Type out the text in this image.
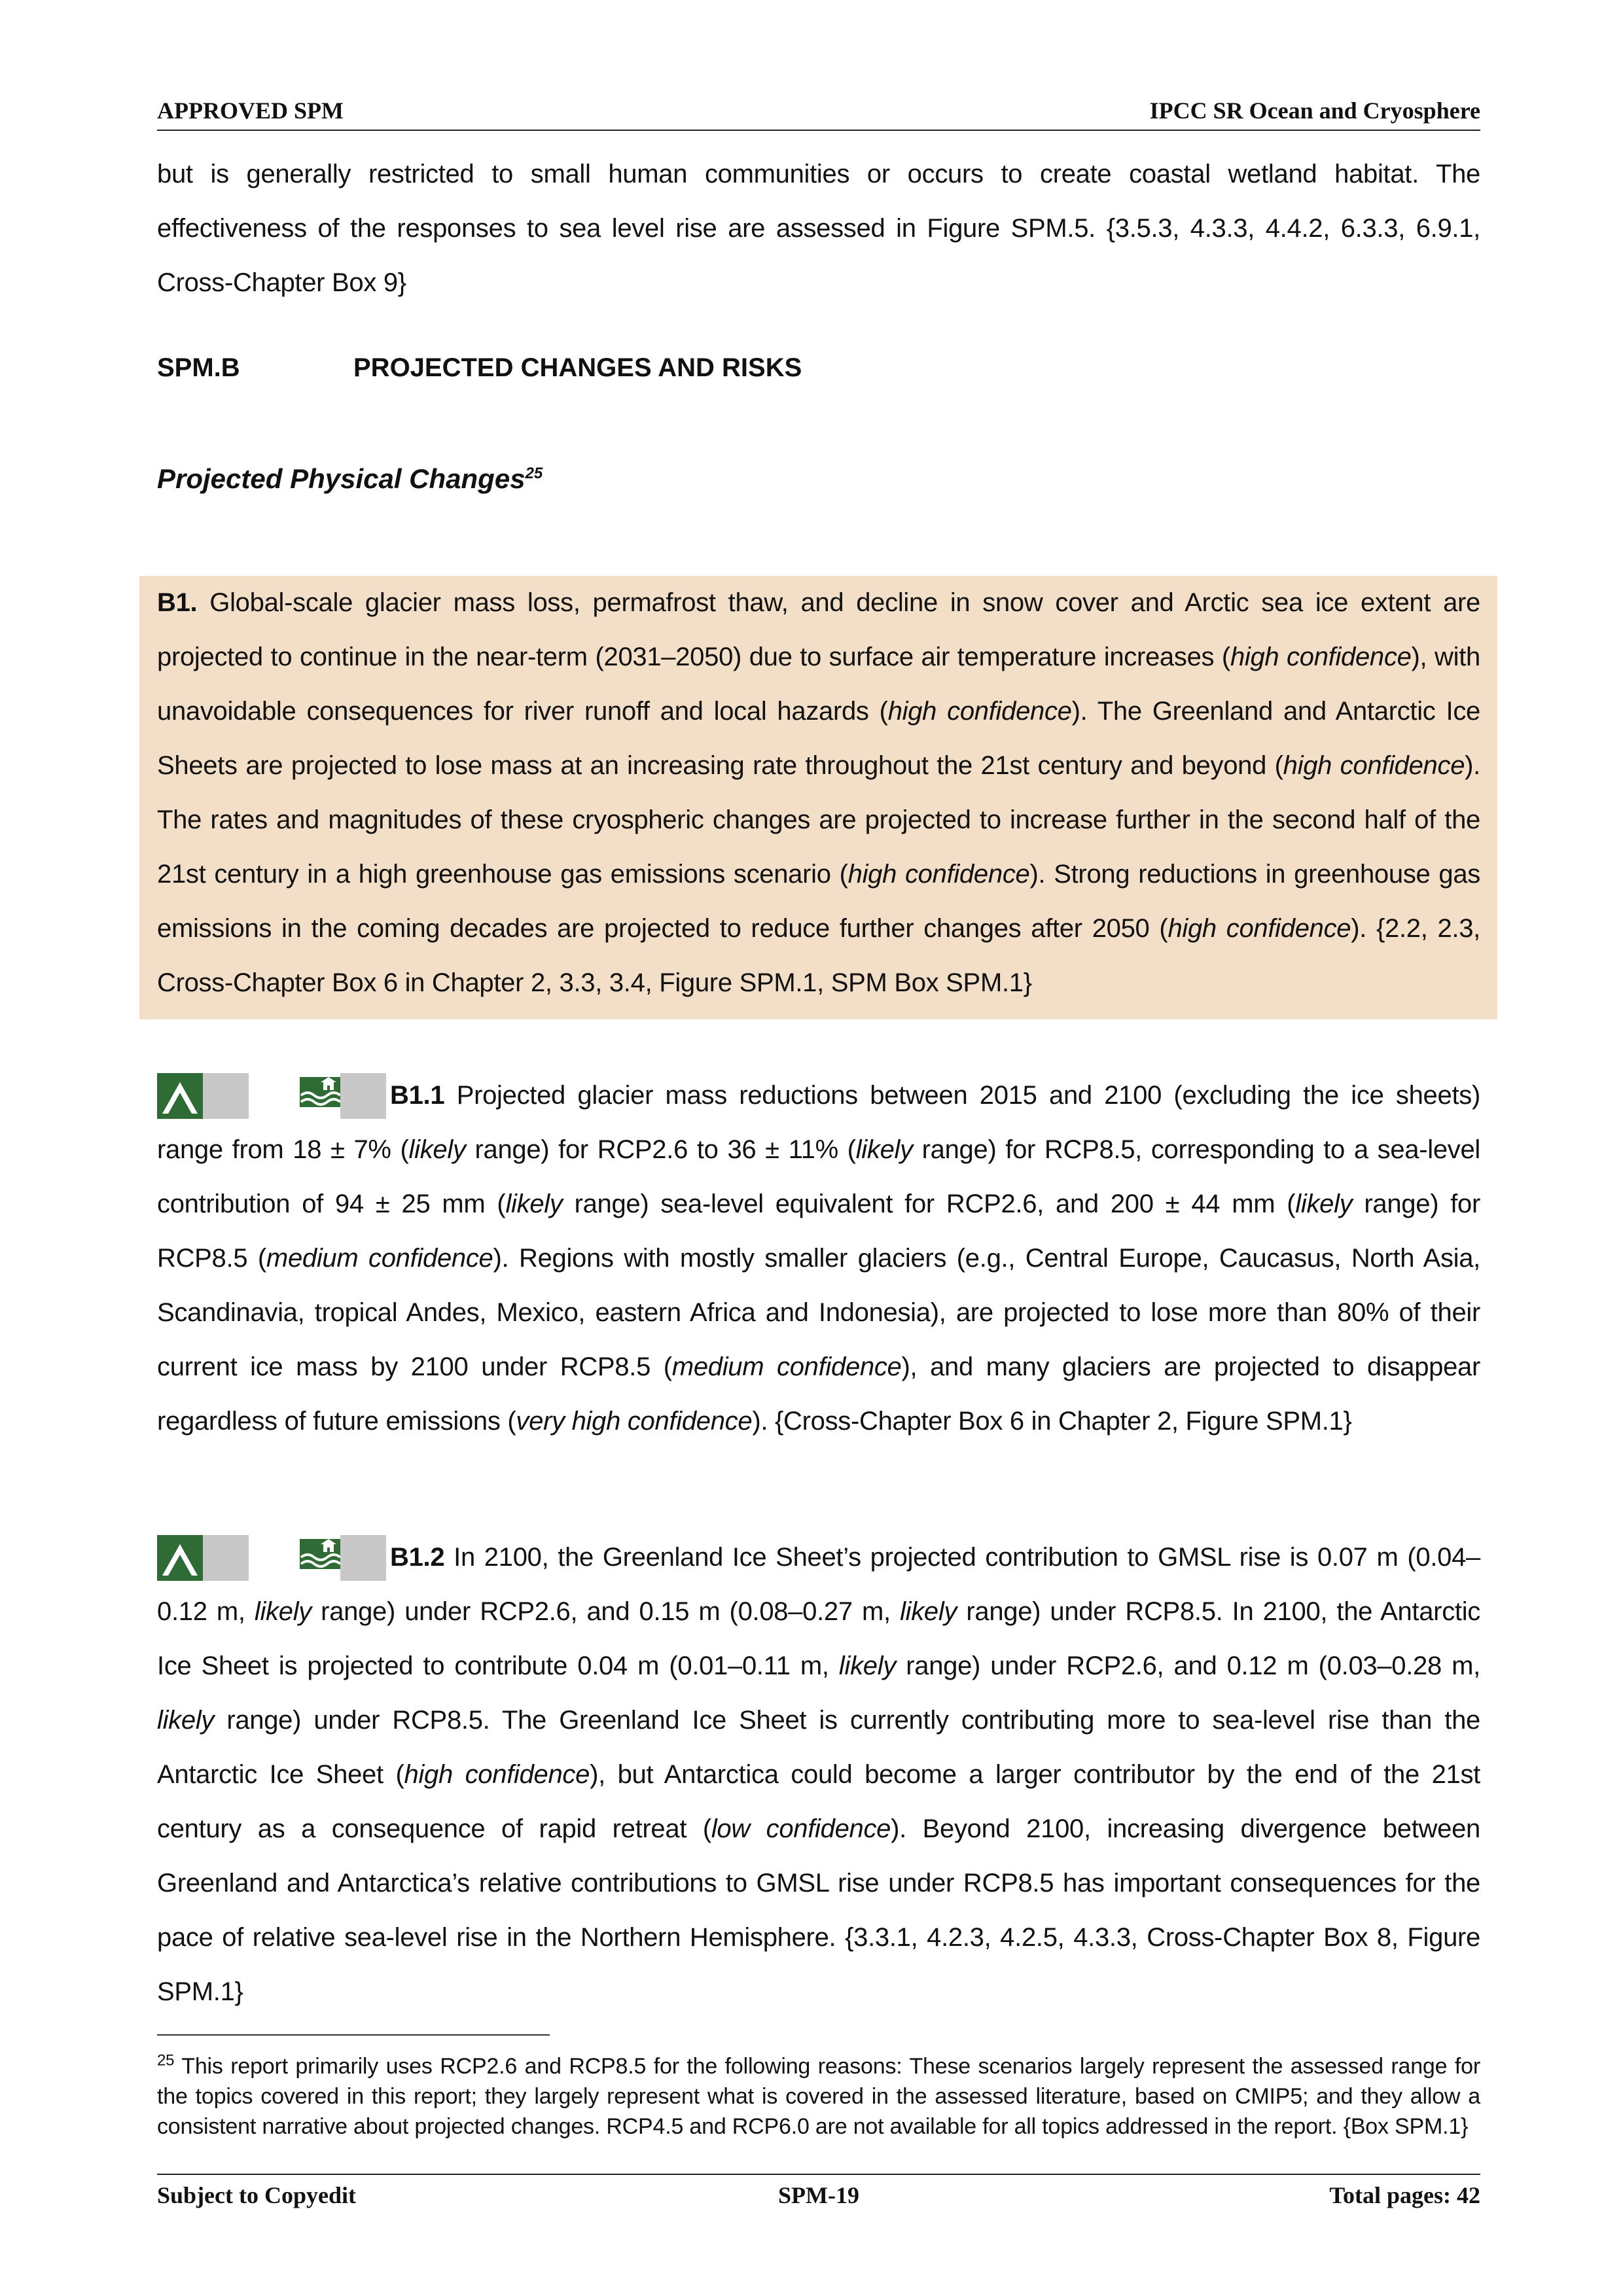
APPROVED SPM	IPCC SR Ocean and Cryosphere
but is generally restricted to small human communities or occurs to create coastal wetland habitat. The effectiveness of the responses to sea level rise are assessed in Figure SPM.5. {3.5.3, 4.3.3, 4.4.2, 6.3.3, 6.9.1, Cross-Chapter Box 9}
SPM.B	PROJECTED CHANGES AND RISKS
Projected Physical Changes$^{25}$
B1. Global-scale glacier mass loss, permafrost thaw, and decline in snow cover and Arctic sea ice extent are projected to continue in the near-term (2031–2050) due to surface air temperature increases (high confidence), with unavoidable consequences for river runoff and local hazards (high confidence). The Greenland and Antarctic Ice Sheets are projected to lose mass at an increasing rate throughout the 21st century and beyond (high confidence). The rates and magnitudes of these cryospheric changes are projected to increase further in the second half of the 21st century in a high greenhouse gas emissions scenario (high confidence). Strong reductions in greenhouse gas emissions in the coming decades are projected to reduce further changes after 2050 (high confidence). {2.2, 2.3, Cross-Chapter Box 6 in Chapter 2, 3.3, 3.4, Figure SPM.1, SPM Box SPM.1}
B1.1 Projected glacier mass reductions between 2015 and 2100 (excluding the ice sheets) range from 18 ± 7% (likely range) for RCP2.6 to 36 ± 11% (likely range) for RCP8.5, corresponding to a sea-level contribution of 94 ± 25 mm (likely range) sea-level equivalent for RCP2.6, and 200 ± 44 mm (likely range) for RCP8.5 (medium confidence). Regions with mostly smaller glaciers (e.g., Central Europe, Caucasus, North Asia, Scandinavia, tropical Andes, Mexico, eastern Africa and Indonesia), are projected to lose more than 80% of their current ice mass by 2100 under RCP8.5 (medium confidence), and many glaciers are projected to disappear regardless of future emissions (very high confidence). {Cross-Chapter Box 6 in Chapter 2, Figure SPM.1}
B1.2 In 2100, the Greenland Ice Sheet’s projected contribution to GMSL rise is 0.07 m (0.04–0.12 m, likely range) under RCP2.6, and 0.15 m (0.08–0.27 m, likely range) under RCP8.5. In 2100, the Antarctic Ice Sheet is projected to contribute 0.04 m (0.01–0.11 m, likely range) under RCP2.6, and 0.12 m (0.03–0.28 m, likely range) under RCP8.5. The Greenland Ice Sheet is currently contributing more to sea-level rise than the Antarctic Ice Sheet (high confidence), but Antarctica could become a larger contributor by the end of the 21st century as a consequence of rapid retreat (low confidence). Beyond 2100, increasing divergence between Greenland and Antarctica’s relative contributions to GMSL rise under RCP8.5 has important consequences for the pace of relative sea-level rise in the Northern Hemisphere. {3.3.1, 4.2.3, 4.2.5, 4.3.3, Cross-Chapter Box 8, Figure SPM.1}
$^{25}$ This report primarily uses RCP2.6 and RCP8.5 for the following reasons: These scenarios largely represent the assessed range for the topics covered in this report; they largely represent what is covered in the assessed literature, based on CMIP5; and they allow a consistent narrative about projected changes. RCP4.5 and RCP6.0 are not available for all topics addressed in the report. {Box SPM.1}
Subject to Copyedit	SPM-19	Total pages: 42
